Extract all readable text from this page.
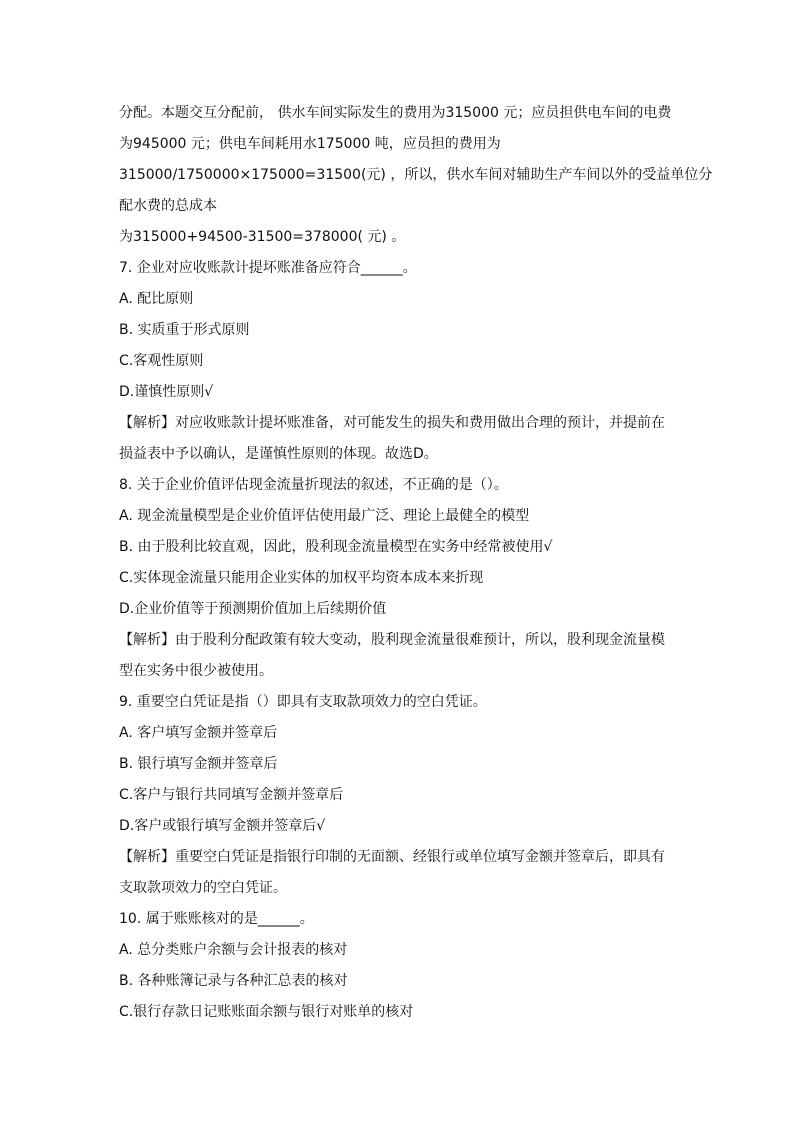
分配。本题交互分配前， 供水车间实际发生的费用为315000 元；应员担供电车间的电费
为945000 元；供电车间耗用水175000 吨，应员担的费用为
315000/1750000×175000=31500(元) ，所以，供水车间对辅助生产车间以外的受益单位分
配水费的总成本
为315000+94500-31500=378000( 元) 。
7. 企业对应收账款计提坏账准备应符合______。
A. 配比原则
B. 实质重于形式原则
C.客观性原则
D.谨慎性原则√
【解析】对应收账款计提坏账准备，对可能发生的损失和费用做出合理的预计，并提前在
损益表中予以确认，是谨慎性原则的体现。故选D。
8. 关于企业价值评估现金流量折现法的叙述，不正确的是（）。
A. 现金流量模型是企业价值评估使用最广泛、理论上最健全的模型
B. 由于股利比较直观，因此，股利现金流量模型在实务中经常被使用√
C.实体现金流量只能用企业实体的加权平均资本成本来折现
D.企业价值等于预测期价值加上后续期价值
【解析】由于股利分配政策有较大变动，股利现金流量很难预计，所以，股利现金流量模
型在实务中很少被使用。
9. 重要空白凭证是指（）即具有支取款项效力的空白凭证。
A. 客户填写金额并签章后
B. 银行填写金额并签章后
C.客户与银行共同填写金额并签章后
D.客户或银行填写金额并签章后√
【解析】重要空白凭证是指银行印制的无面额、经银行或单位填写金额并签章后，即具有
支取款项效力的空白凭证。
10. 属于账账核对的是______。
A. 总分类账户余额与会计报表的核对
B. 各种账簿记录与各种汇总表的核对
C.银行存款日记账账面余额与银行对账单的核对
